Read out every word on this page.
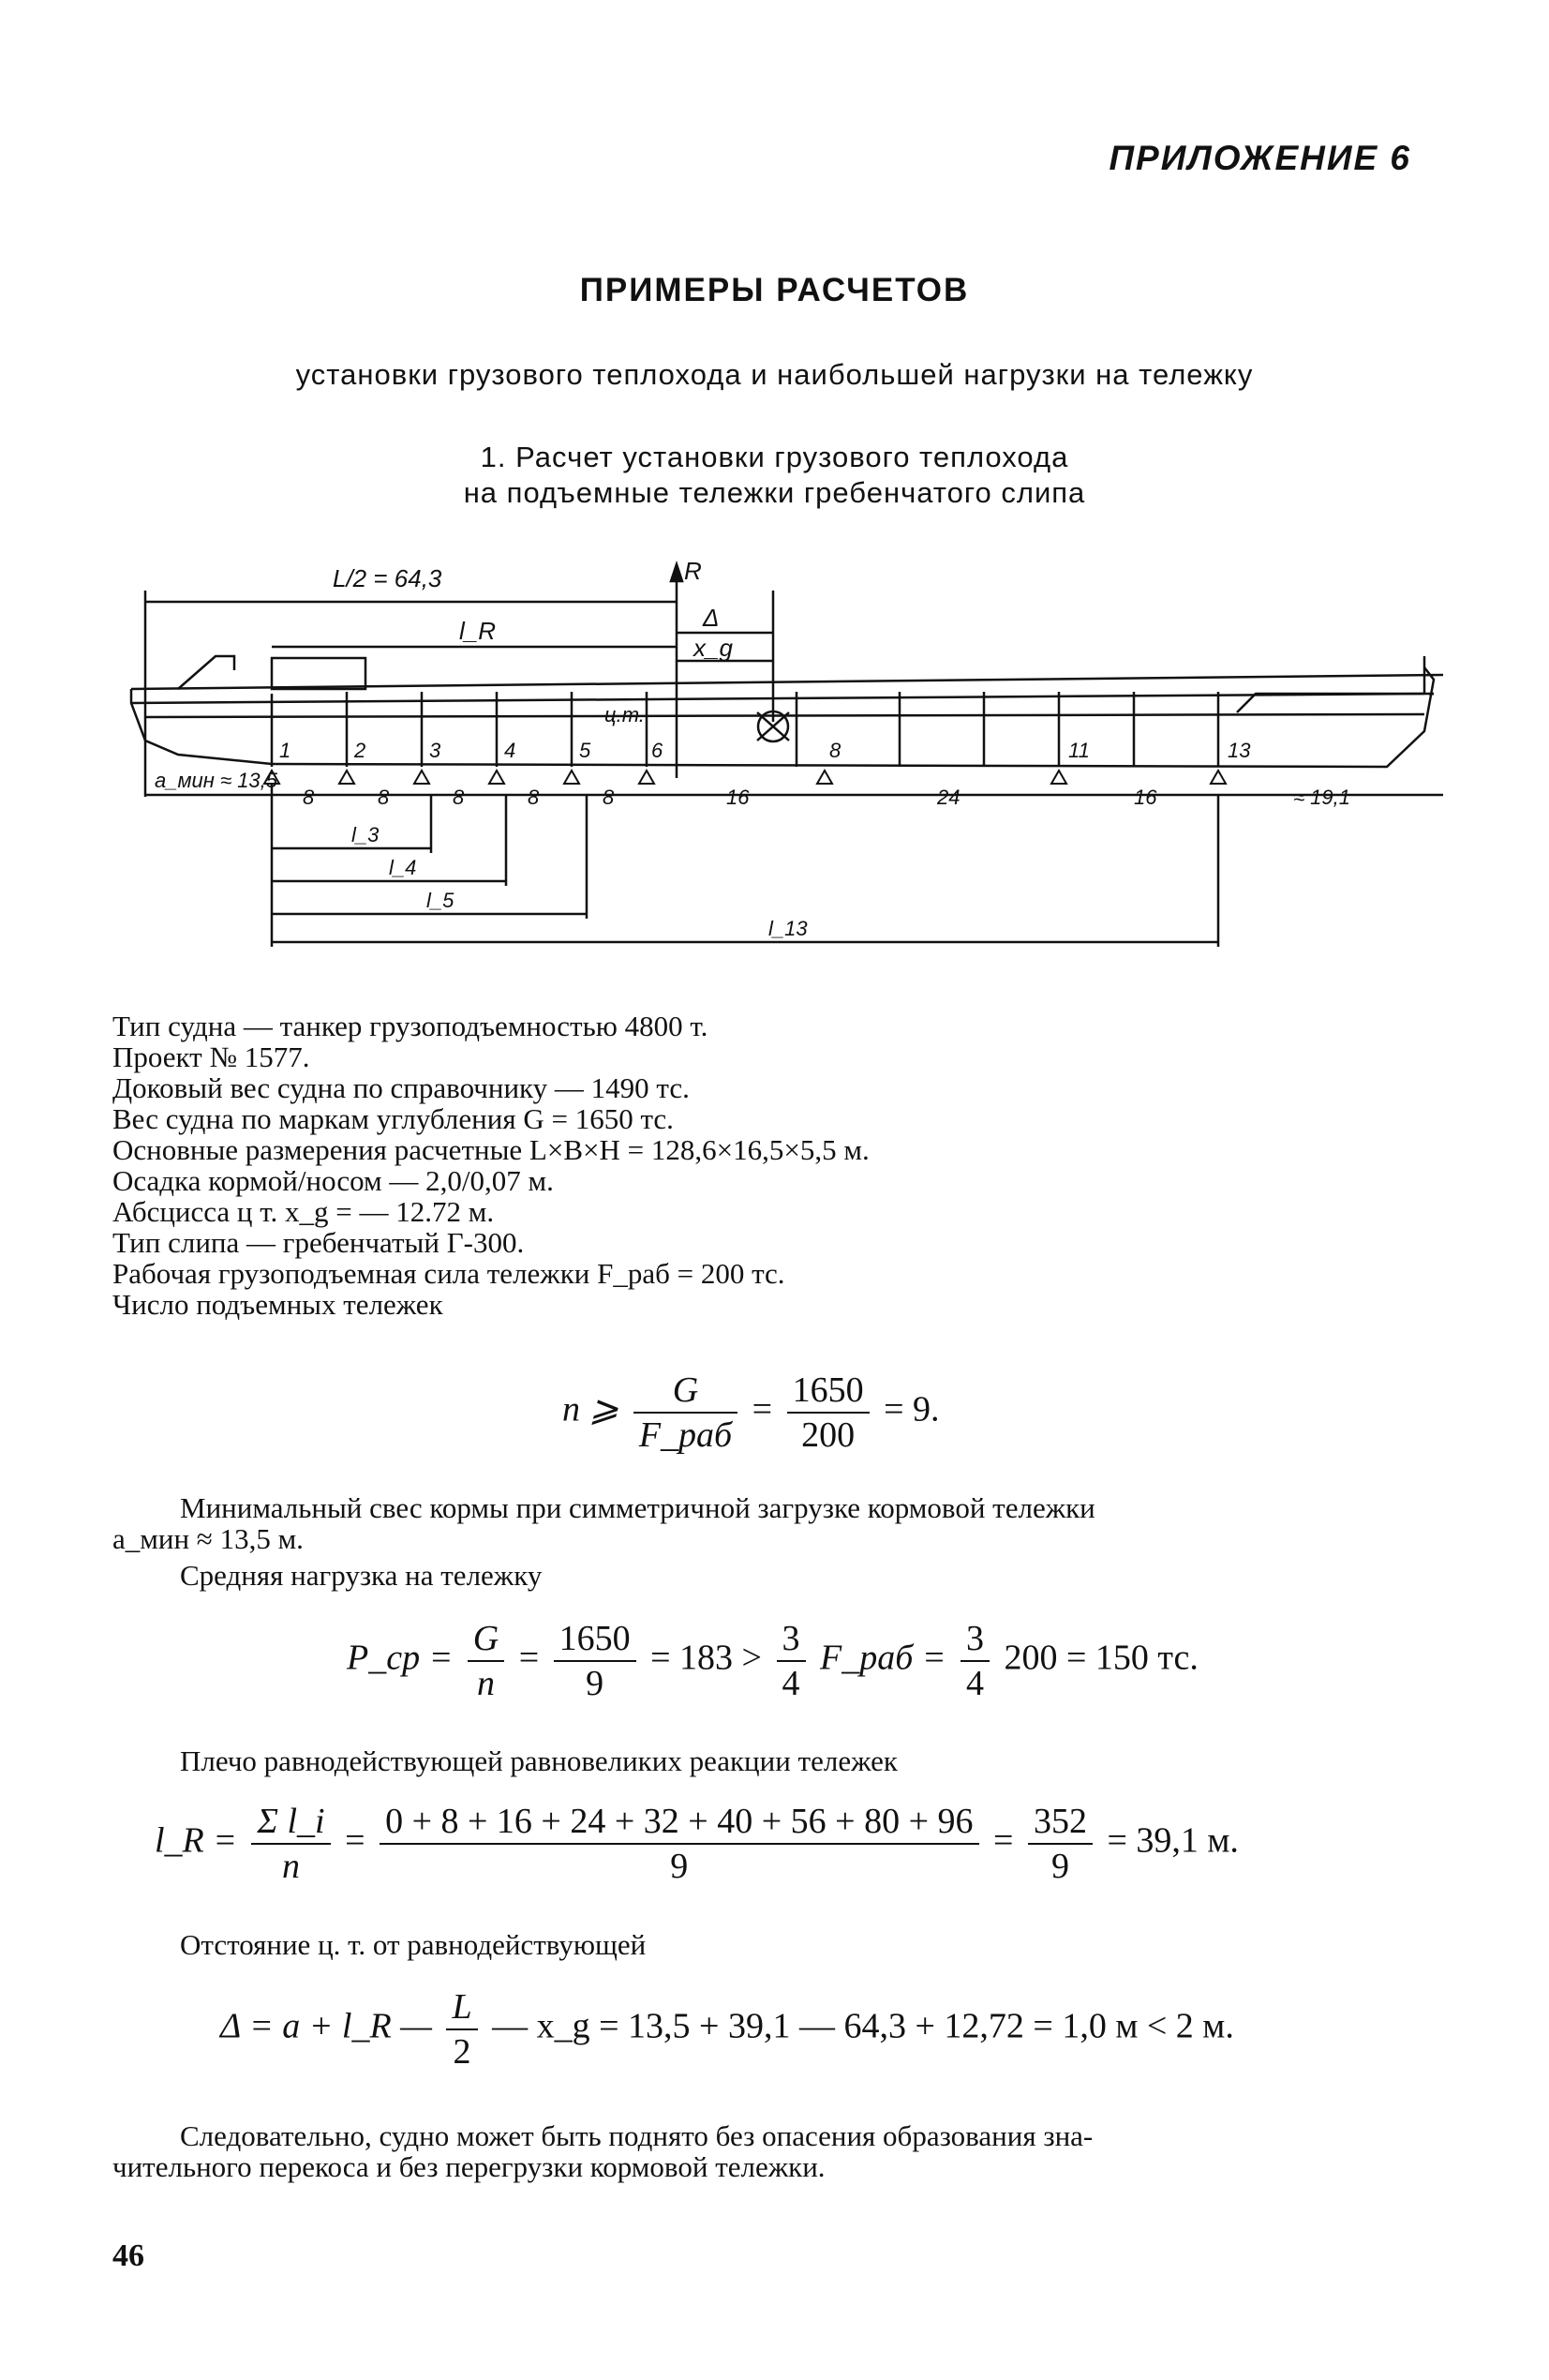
ПРИЛОЖЕНИЕ 6
ПРИМЕРЫ РАСЧЕТОВ
установки грузового теплохода и наибольшей нагрузки на тележку
1. Расчет установки грузового теплохода
на подъемные тележки гребенчатого слипа
L/2 = 64,3	R
Δ
l_R
x_g
ц.т.
a_мин ≈ 13,5
1	2	3	4	5	6	8	11	13
8	8	8	8	8	16	24	16	≈ 19,1
l_3
l_4
l_5
l_13
Тип судна — танкер грузоподъемностью 4800 т.
Проект № 1577.
Доковый вес судна по справочнику — 1490 тс.
Вес судна по маркам углубления G = 1650 тс.
Основные размерения расчетные L×B×H = 128,6×16,5×5,5 м.
Осадка кормой/носом — 2,0/0,07 м.
Абсцисса ц т. x_g = — 12.72 м.
Тип слипа — гребенчатый Г-300.
Рабочая грузоподъемная сила тележки F_раб = 200 тс.
Число подъемных тележек
n ⩾ $\frac{G}{\text{F\_раб}} = \frac{1650}{200} = 9$.
Минимальный свес кормы при симметричной загрузке кормовой тележки
a_мин ≈ 13,5 м.
Средняя нагрузка на тележку
P_ср = $\frac{G}{n} = \frac{1650}{9} = 183 > \frac{3}{4}$ F_раб = $\frac{3}{4} 200 = 150$ тс.
Плечо равнодействующей равновеликих реакции тележек
l_R = $\frac{\text{Σ l\_i}}{n} = \frac{0 + 8 + 16 + 24 + 32 + 40 + 56 + 80 + 96}{9} = \frac{352}{9} = 39,1$ м.
Отстояние ц. т. от равнодействующей
Δ = a + l_R — $\frac{L}{2}$ — x_g = 13,5 + 39,1 — 64,3 + 12,72 = 1,0 м < 2 м.
Следовательно, судно может быть поднято без опасения образования зна-
чительного перекоса и без перегрузки кормовой тележки.
46
